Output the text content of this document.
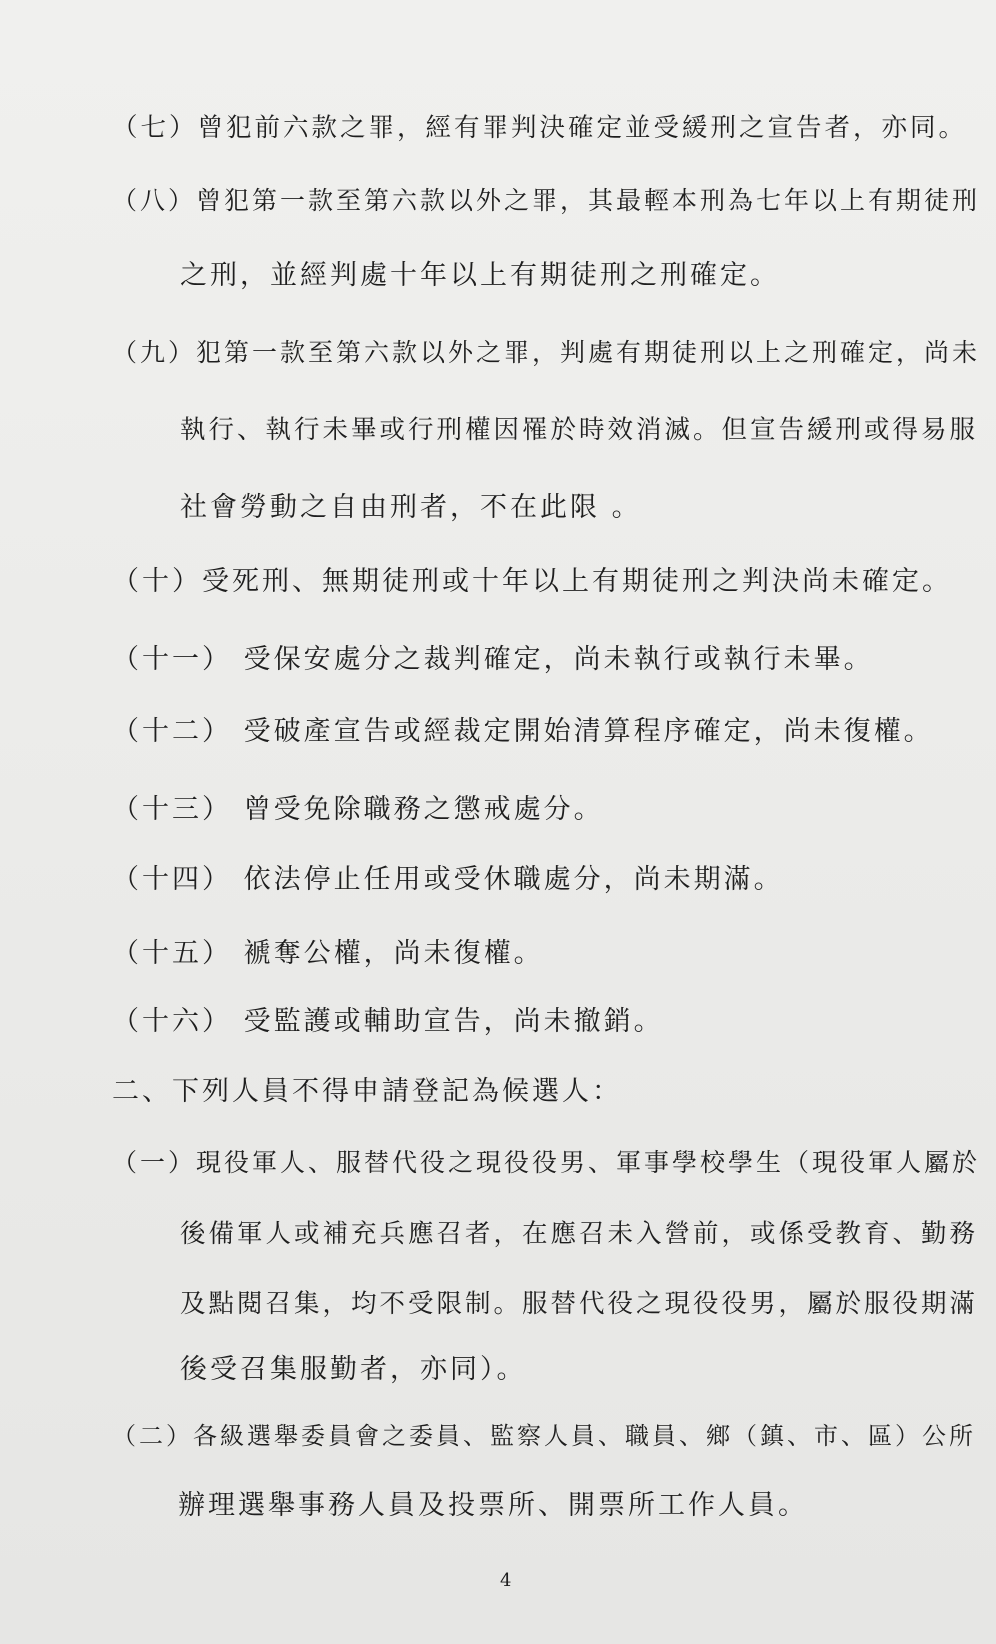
（七）曾犯前六款之罪，經有罪判決確定並受緩刑之宣告者，亦同。
（八）曾犯第一款至第六款以外之罪，其最輕本刑為七年以上有期徒刑
之刑，並經判處十年以上有期徒刑之刑確定。
（九）犯第一款至第六款以外之罪，判處有期徒刑以上之刑確定，尚未
執行、執行未畢或行刑權因罹於時效消滅。但宣告緩刑或得易服
社會勞動之自由刑者，不在此限 。
（十）受死刑、無期徒刑或十年以上有期徒刑之判決尚未確定。
（十一） 受保安處分之裁判確定，尚未執行或執行未畢。
（十二） 受破產宣告或經裁定開始清算程序確定，尚未復權。
（十三） 曾受免除職務之懲戒處分。
（十四） 依法停止任用或受休職處分，尚未期滿。
（十五） 褫奪公權，尚未復權。
（十六） 受監護或輔助宣告，尚未撤銷。
二、下列人員不得申請登記為候選人：
（一）現役軍人、服替代役之現役役男、軍事學校學生（現役軍人屬於
後備軍人或補充兵應召者，在應召未入營前，或係受教育、勤務
及點閱召集，均不受限制。服替代役之現役役男，屬於服役期滿
後受召集服勤者，亦同）。
（二）各級選舉委員會之委員、監察人員、職員、鄉（鎮、市、區）公所
辦理選舉事務人員及投票所、開票所工作人員。
4
